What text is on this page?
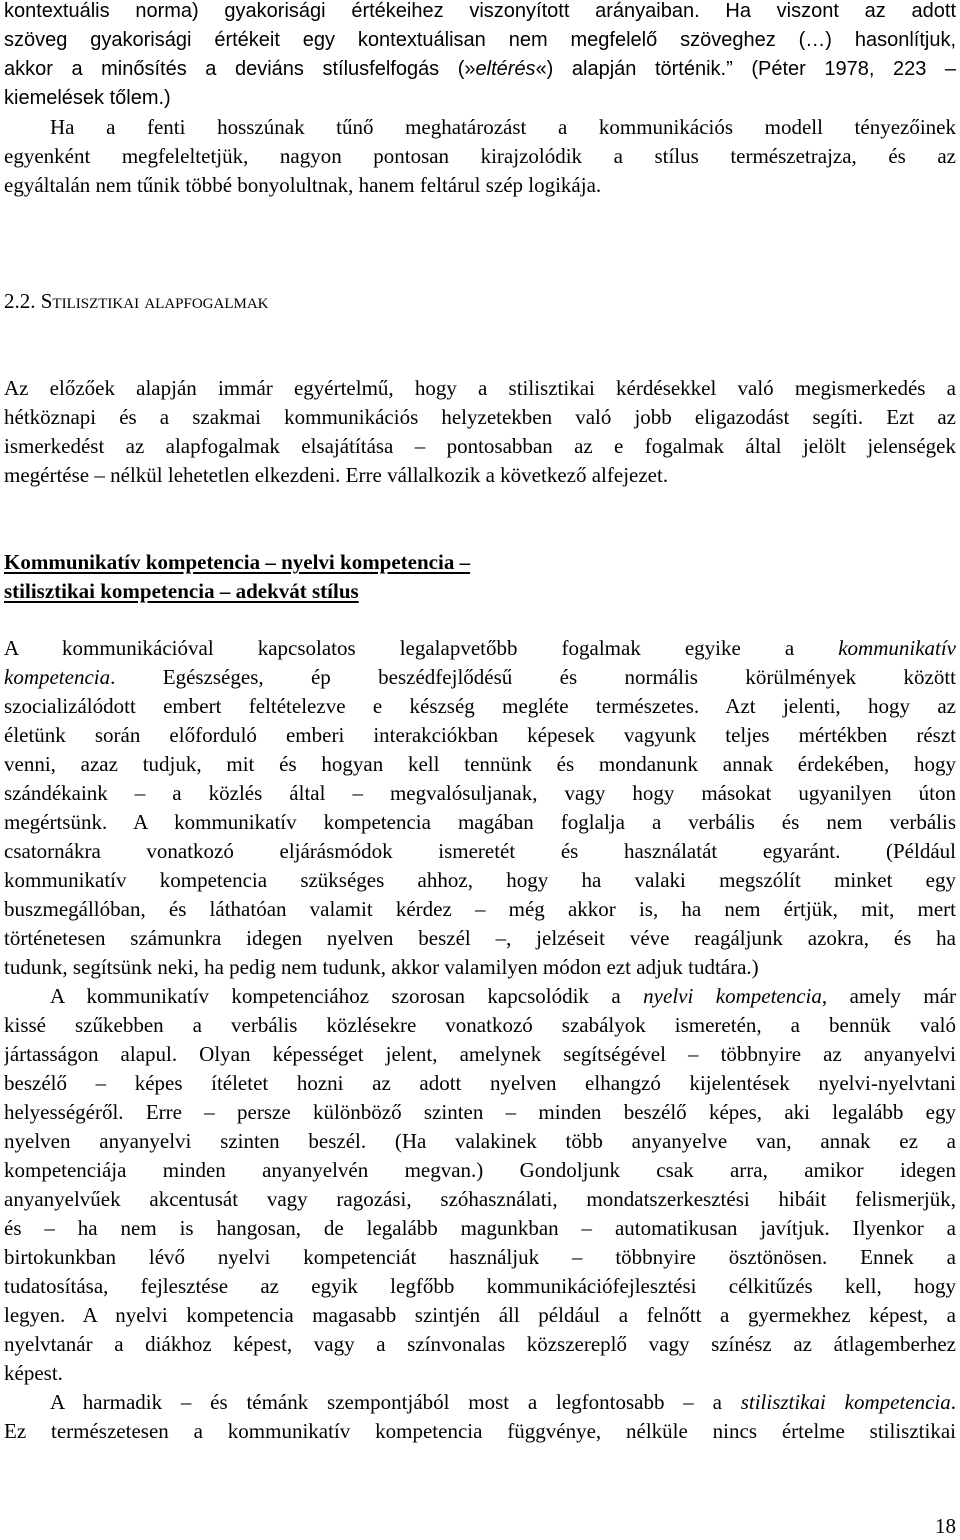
kontextuális norma) gyakorisági értékeihez viszonyított arányaiban. Ha viszont az adott

szöveg gyakorisági értékeit egy kontextuálisan nem megfelelő szöveghez (…) hasonlítjuk,

akkor a minősítés a deviáns stílusfelfogás (»eltérés«) alapján történik.” (Péter 1978, 223 –

kiemelések tőlem.)

Ha a fenti hosszúnak tűnő meghatározást a kommunikációs modell tényezőinek

egyenként megfeleltetjük, nagyon pontosan kirajzolódik a stílus természetrajza, és az

egyáltalán nem tűnik többé bonyolultnak, hanem feltárul szép logikája.

2.2. Stilisztikai alapfogalmak

Az előzőek alapján immár egyértelmű, hogy a stilisztikai kérdésekkel való megismerkedés a

hétköznapi és a szakmai kommunikációs helyzetekben való jobb eligazodást segíti. Ezt az

ismerkedést az alapfogalmak elsajátítása – pontosabban az e fogalmak által jelölt jelenségek

megértése – nélkül lehetetlen elkezdeni. Erre vállalkozik a következő alfejezet.

Kommunikatív kompetencia – nyelvi kompetencia –

stilisztikai kompetencia – adekvát stílus

A kommunikációval kapcsolatos legalapvetőbb fogalmak egyike a kommunikatív

kompetencia. Egészséges, ép beszédfejlődésű és normális körülmények között

szocializálódott embert feltételezve e készség megléte természetes. Azt jelenti, hogy az

életünk során előforduló emberi interakciókban képesek vagyunk teljes mértékben részt

venni, azaz tudjuk, mit és hogyan kell tennünk és mondanunk annak érdekében, hogy

szándékaink – a közlés által – megvalósuljanak, vagy hogy másokat ugyanilyen úton

megértsünk. A kommunikatív kompetencia magában foglalja a verbális és nem verbális

csatornákra vonatkozó eljárásmódok ismeretét és használatát egyaránt. (Például

kommunikatív kompetencia szükséges ahhoz, hogy ha valaki megszólít minket egy

buszmegállóban, és láthatóan valamit kérdez – még akkor is, ha nem értjük, mit, mert

történetesen számunkra idegen nyelven beszél –, jelzéseit véve reagáljunk azokra, és ha

tudunk, segítsünk neki, ha pedig nem tudunk, akkor valamilyen módon ezt adjuk tudtára.)

A kommunikatív kompetenciához szorosan kapcsolódik a nyelvi kompetencia, amely már

kissé szűkebben a verbális közlésekre vonatkozó szabályok ismeretén, a bennük való

jártasságon alapul. Olyan képességet jelent, amelynek segítségével – többnyire az anyanyelvi

beszélő – képes ítéletet hozni az adott nyelven elhangzó kijelentések nyelvi-nyelvtani

helyességéről. Erre – persze különböző szinten – minden beszélő képes, aki legalább egy

nyelven anyanyelvi szinten beszél. (Ha valakinek több anyanyelve van, annak ez a

kompetenciája minden anyanyelvén megvan.) Gondoljunk csak arra, amikor idegen

anyanyelvűek akcentusát vagy ragozási, szóhasználati, mondatszerkesztési hibáit felismerjük,

és – ha nem is hangosan, de legalább magunkban – automatikusan javítjuk. Ilyenkor a

birtokunkban lévő nyelvi kompetenciát használjuk – többnyire ösztönösen. Ennek a

tudatosítása, fejlesztése az egyik legfőbb kommunikációfejlesztési célkitűzés kell, hogy

legyen. A nyelvi kompetencia magasabb szintjén áll például a felnőtt a gyermekhez képest, a

nyelvtanár a diákhoz képest, vagy a színvonalas közszereplő vagy színész az átlagemberhez

képest.

A harmadik – és témánk szempontjából most a legfontosabb – a stilisztikai kompetencia.

Ez természetesen a kommunikatív kompetencia függvénye, nélküle nincs értelme stilisztikai

18
